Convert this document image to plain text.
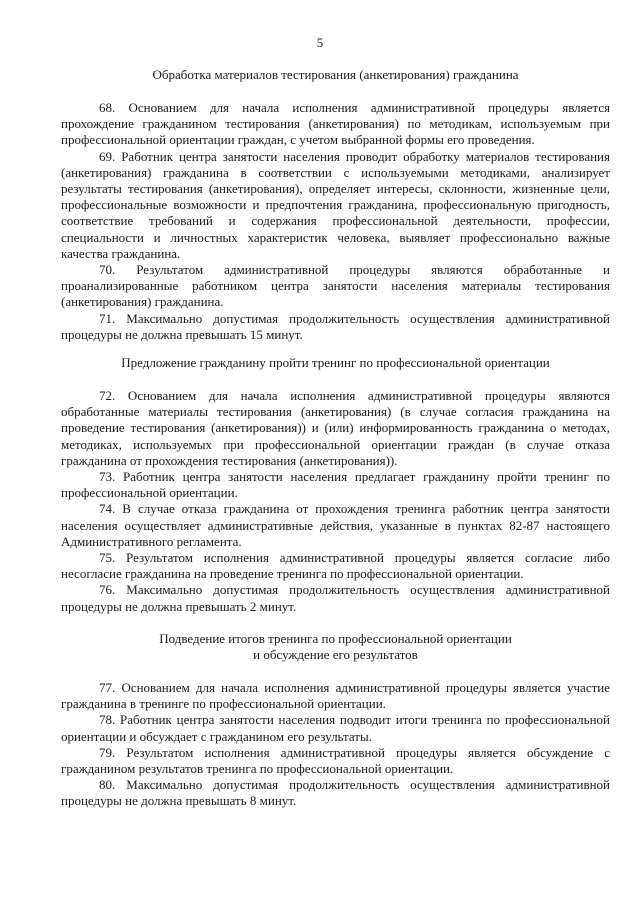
5

Обработка материалов тестирования (анкетирования) гражданина

68. Основанием для начала исполнения административной процедуры является прохождение гражданином тестирования (анкетирования) по методикам, используемым при профессиональной ориентации граждан, с учетом выбранной формы его проведения.

69. Работник центра занятости населения проводит обработку материалов тестирования (анкетирования) гражданина в соответствии с используемыми методиками, анализирует результаты тестирования (анкетирования), определяет интересы, склонности, жизненные цели, профессиональные возможности и предпочтения гражданина, профессиональную пригодность, соответствие требований и содержания профессиональной деятельности, профессии, специальности и личностных характеристик человека, выявляет профессионально важные качества гражданина.

70. Результатом административной процедуры являются обработанные и проанализированные работником центра занятости населения материалы тестирования (анкетирования) гражданина.

71. Максимально допустимая продолжительность осуществления административной процедуры не должна превышать 15 минут.

Предложение гражданину пройти тренинг по профессиональной ориентации

72. Основанием для начала исполнения административной процедуры являются обработанные материалы тестирования (анкетирования) (в случае согласия гражданина на проведение тестирования (анкетирования)) и (или) информированность гражданина о методах, методиках, используемых при профессиональной ориентации граждан (в случае отказа гражданина от прохождения тестирования (анкетирования)).

73. Работник центра занятости населения предлагает гражданину пройти тренинг по профессиональной ориентации.

74. В случае отказа гражданина от прохождения тренинга работник центра занятости населения осуществляет административные действия, указанные в пунктах 82-87 настоящего Административного регламента.

75. Результатом исполнения административной процедуры является согласие либо несогласие гражданина на проведение тренинга по профессиональной ориентации.

76. Максимально допустимая продолжительность осуществления административной процедуры не должна превышать 2 минут.

Подведение итогов тренинга по профессиональной ориентации

и обсуждение его результатов

77. Основанием для начала исполнения административной процедуры является участие гражданина в тренинге по профессиональной ориентации.

78. Работник центра занятости населения подводит итоги тренинга по профессиональной ориентации и обсуждает с гражданином его результаты.

79. Результатом исполнения административной процедуры является обсуждение с гражданином результатов тренинга по профессиональной ориентации.

80. Максимально допустимая продолжительность осуществления административной процедуры не должна превышать 8 минут.
